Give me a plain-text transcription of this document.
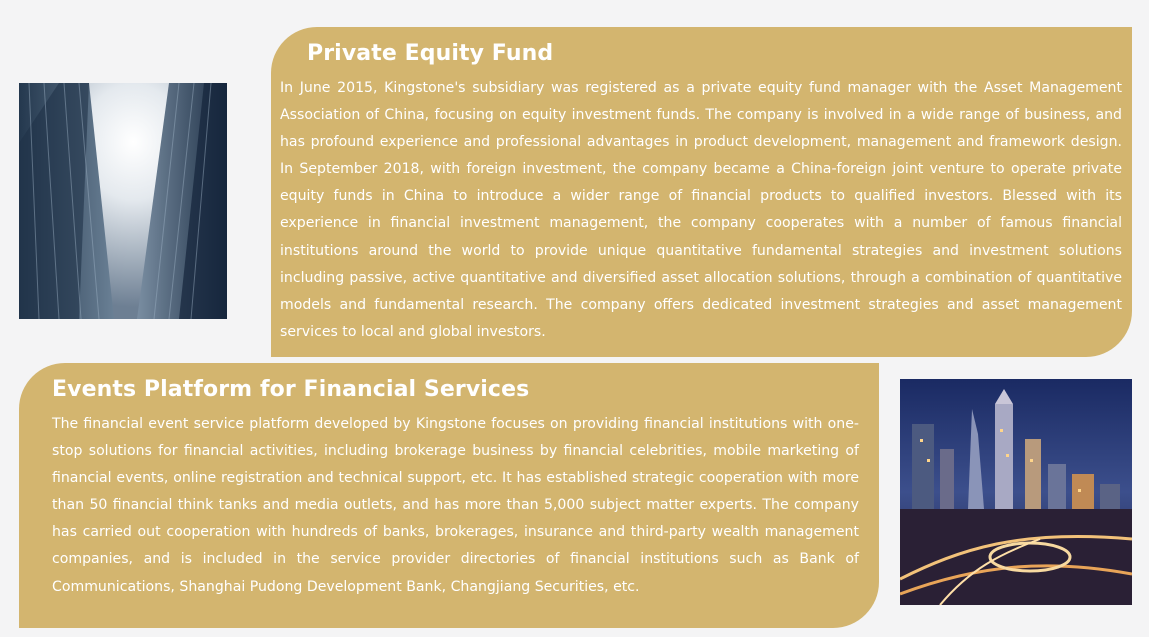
Private Equity Fund

In June 2015, Kingstone's subsidiary was registered as a private equity fund manager with the Asset Management Association of China, focusing on equity investment funds. The company is involved in a wide range of business, and has profound experience and professional advantages in product development, management and framework design. In September 2018, with foreign investment, the company became a China-foreign joint venture to operate private equity funds in China to introduce a wider range of financial products to qualified investors. Blessed with its experience in financial investment management, the company cooperates with a number of famous financial institutions around the world to provide unique quantitative fundamental strategies and investment solutions including passive, active quantitative and diversified asset allocation solutions, through a combination of quantitative models and fundamental research. The company offers dedicated investment strategies and asset management services to local and global investors.

Events Platform for Financial Services

The financial event service platform developed by Kingstone focuses on providing financial institutions with one-stop solutions for financial activities, including brokerage business by financial celebrities, mobile marketing of financial events, online registration and technical support, etc. It has established strategic cooperation with more than 50 financial think tanks and media outlets, and has more than 5,000 subject matter experts. The company has carried out cooperation with hundreds of banks, brokerages, insurance and third-party wealth management companies, and is included in the service provider directories of financial institutions such as Bank of Communications, Shanghai Pudong Development Bank, Changjiang Securities, etc.
